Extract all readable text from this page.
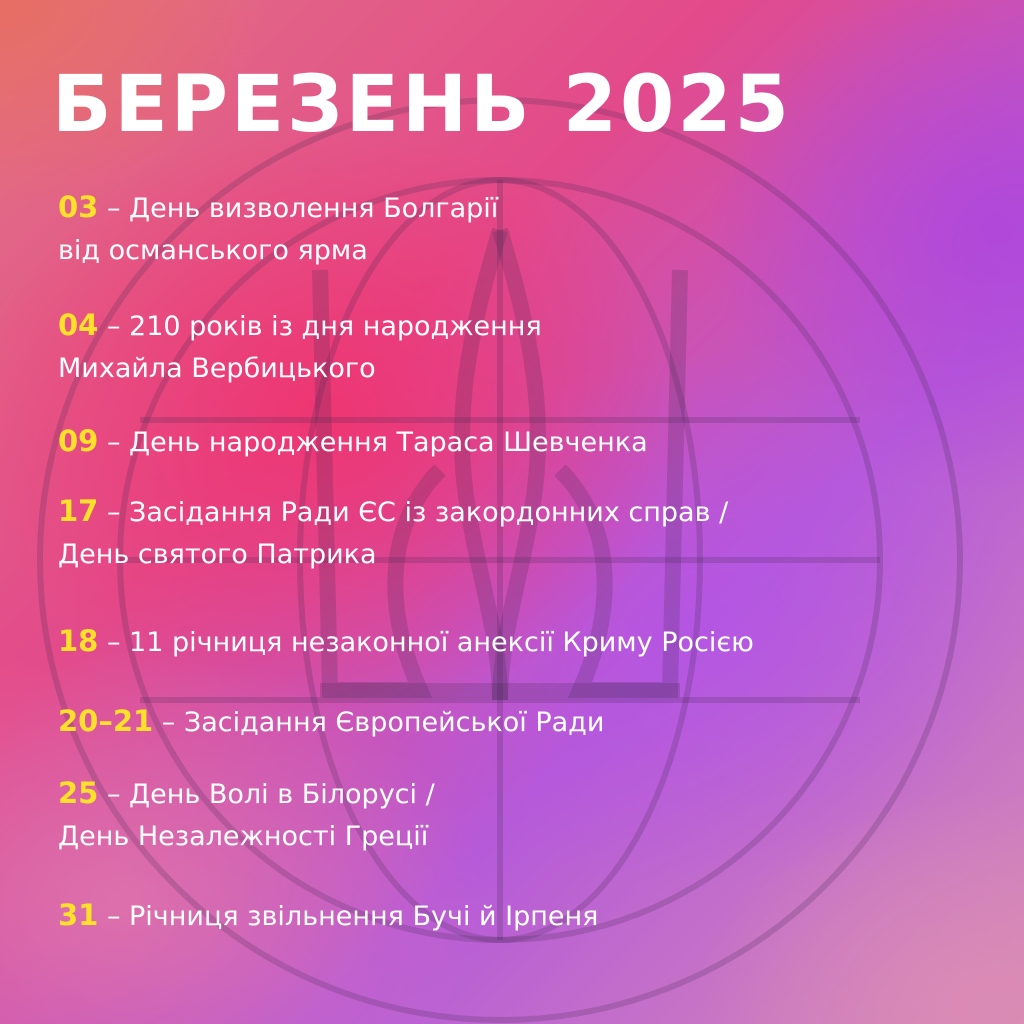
БЕРЕЗЕНЬ 2025
03 – День визволення Болгарії
від османського ярма
04 – 210 років із дня народження
Михайла Вербицького
09 – День народження Тараса Шевченка
17 – Засідання Ради ЄС із закордонних справ /
День святого Патрика
18 – 11 річниця незаконної анексії Криму Росією
20–21 – Засідання Європейської Ради
25 – День Волі в Білорусі /
День Незалежності Греції
31 – Річниця звільнення Бучі й Ірпеня
